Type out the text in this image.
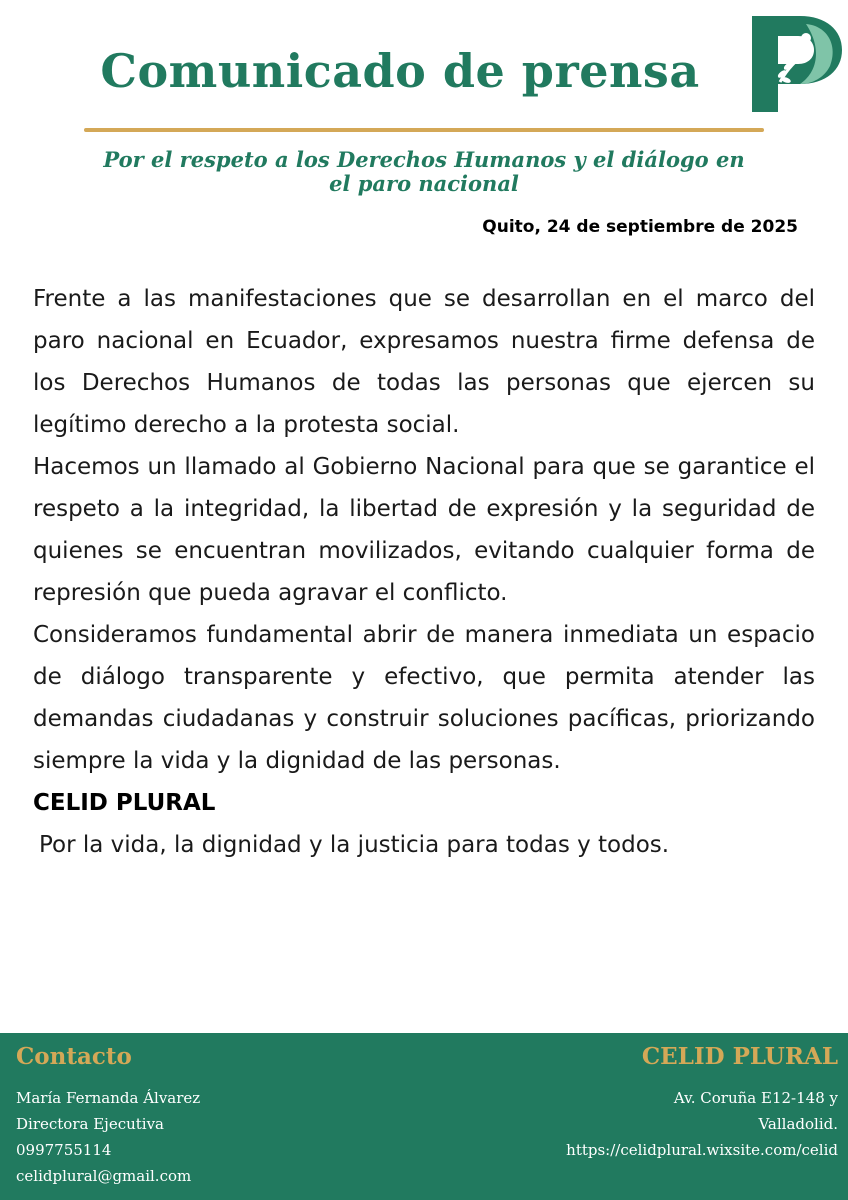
Comunicado de prensa
Por el respeto a los Derechos Humanos y el diálogo en
el paro nacional
Quito, 24 de septiembre de 2025

Frente a las manifestaciones que se desarrollan en el marco del paro nacional en Ecuador, expresamos nuestra firme defensa de los Derechos Humanos de todas las personas que ejercen su legítimo derecho a la protesta social.

Hacemos un llamado al Gobierno Nacional para que se garantice el respeto a la integridad, la libertad de expresión y la seguridad de quienes se encuentran movilizados, evitando cualquier forma de represión que pueda agravar el conflicto.

Consideramos fundamental abrir de manera inmediata un espacio de diálogo transparente y efectivo, que permita atender las demandas ciudadanas y construir soluciones pacíficas, priorizando siempre la vida y la dignidad de las personas.

CELID PLURAL

Por la vida, la dignidad y la justicia para todas y todos.

Contacto
María Fernanda Álvarez
Directora Ejecutiva
0997755114
celidplural@gmail.com
CELID PLURAL
Av. Coruña E12-148 y
Valladolid.
https://celidplural.wixsite.com/celid
